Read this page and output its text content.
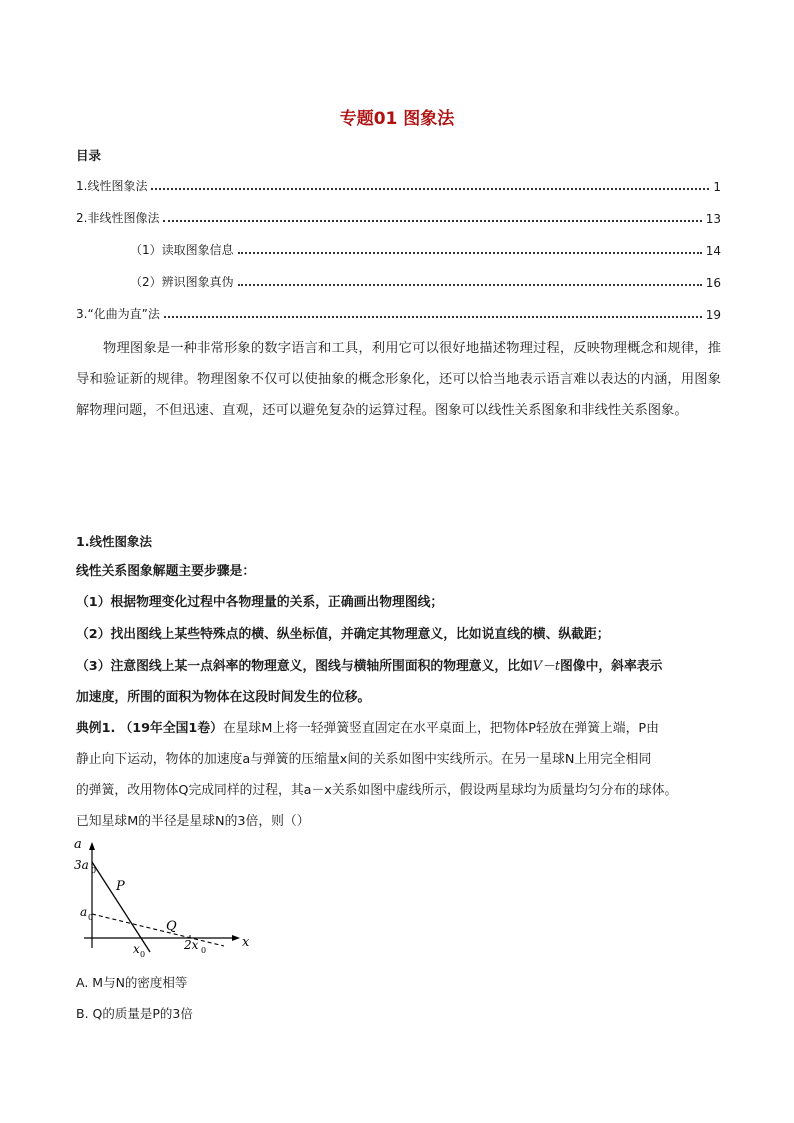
专题01 图象法
目录
1.线性图象法	1
2.非线性图像法	13
（1）读取图象信息	14
（2）辨识图象真伪	16
3.“化曲为直”法	19
物理图象是一种非常形象的数字语言和工具，利用它可以很好地描述物理过程，反映物理概念和规律，推导和验证新的规律。物理图象不仅可以使抽象的概念形象化，还可以恰当地表示语言难以表达的内涵，用图象解物理问题，不但迅速、直观，还可以避免复杂的运算过程。图象可以线性关系图象和非线性关系图象。
1.线性图象法
线性关系图象解题主要步骤是：
（1）根据物理变化过程中各物理量的关系，正确画出物理图线；
（2）找出图线上某些特殊点的横、纵坐标值，并确定其物理意义，比如说直线的横、纵截距；
（3）注意图线上某一点斜率的物理意义，图线与横轴所围面积的物理意义，比如V－t图像中，斜率表示
加速度，所围的面积为物体在这段时间发生的位移。
典例1. （19年全国1卷）在星球M上将一轻弹簧竖直固定在水平桌面上，把物体P轻放在弹簧上端，P由
静止向下运动，物体的加速度a与弹簧的压缩量x间的关系如图中实线所示。在另一星球N上用完全相同
的弹簧，改用物体Q完成同样的过程，其a－x关系如图中虚线所示，假设两星球均为质量均匀分布的球体。
已知星球M的半径是星球N的3倍，则（）
a
x
3a 0
a 0
x 0
2x 0
P
Q
A. M与N的密度相等
B. Q的质量是P的3倍
